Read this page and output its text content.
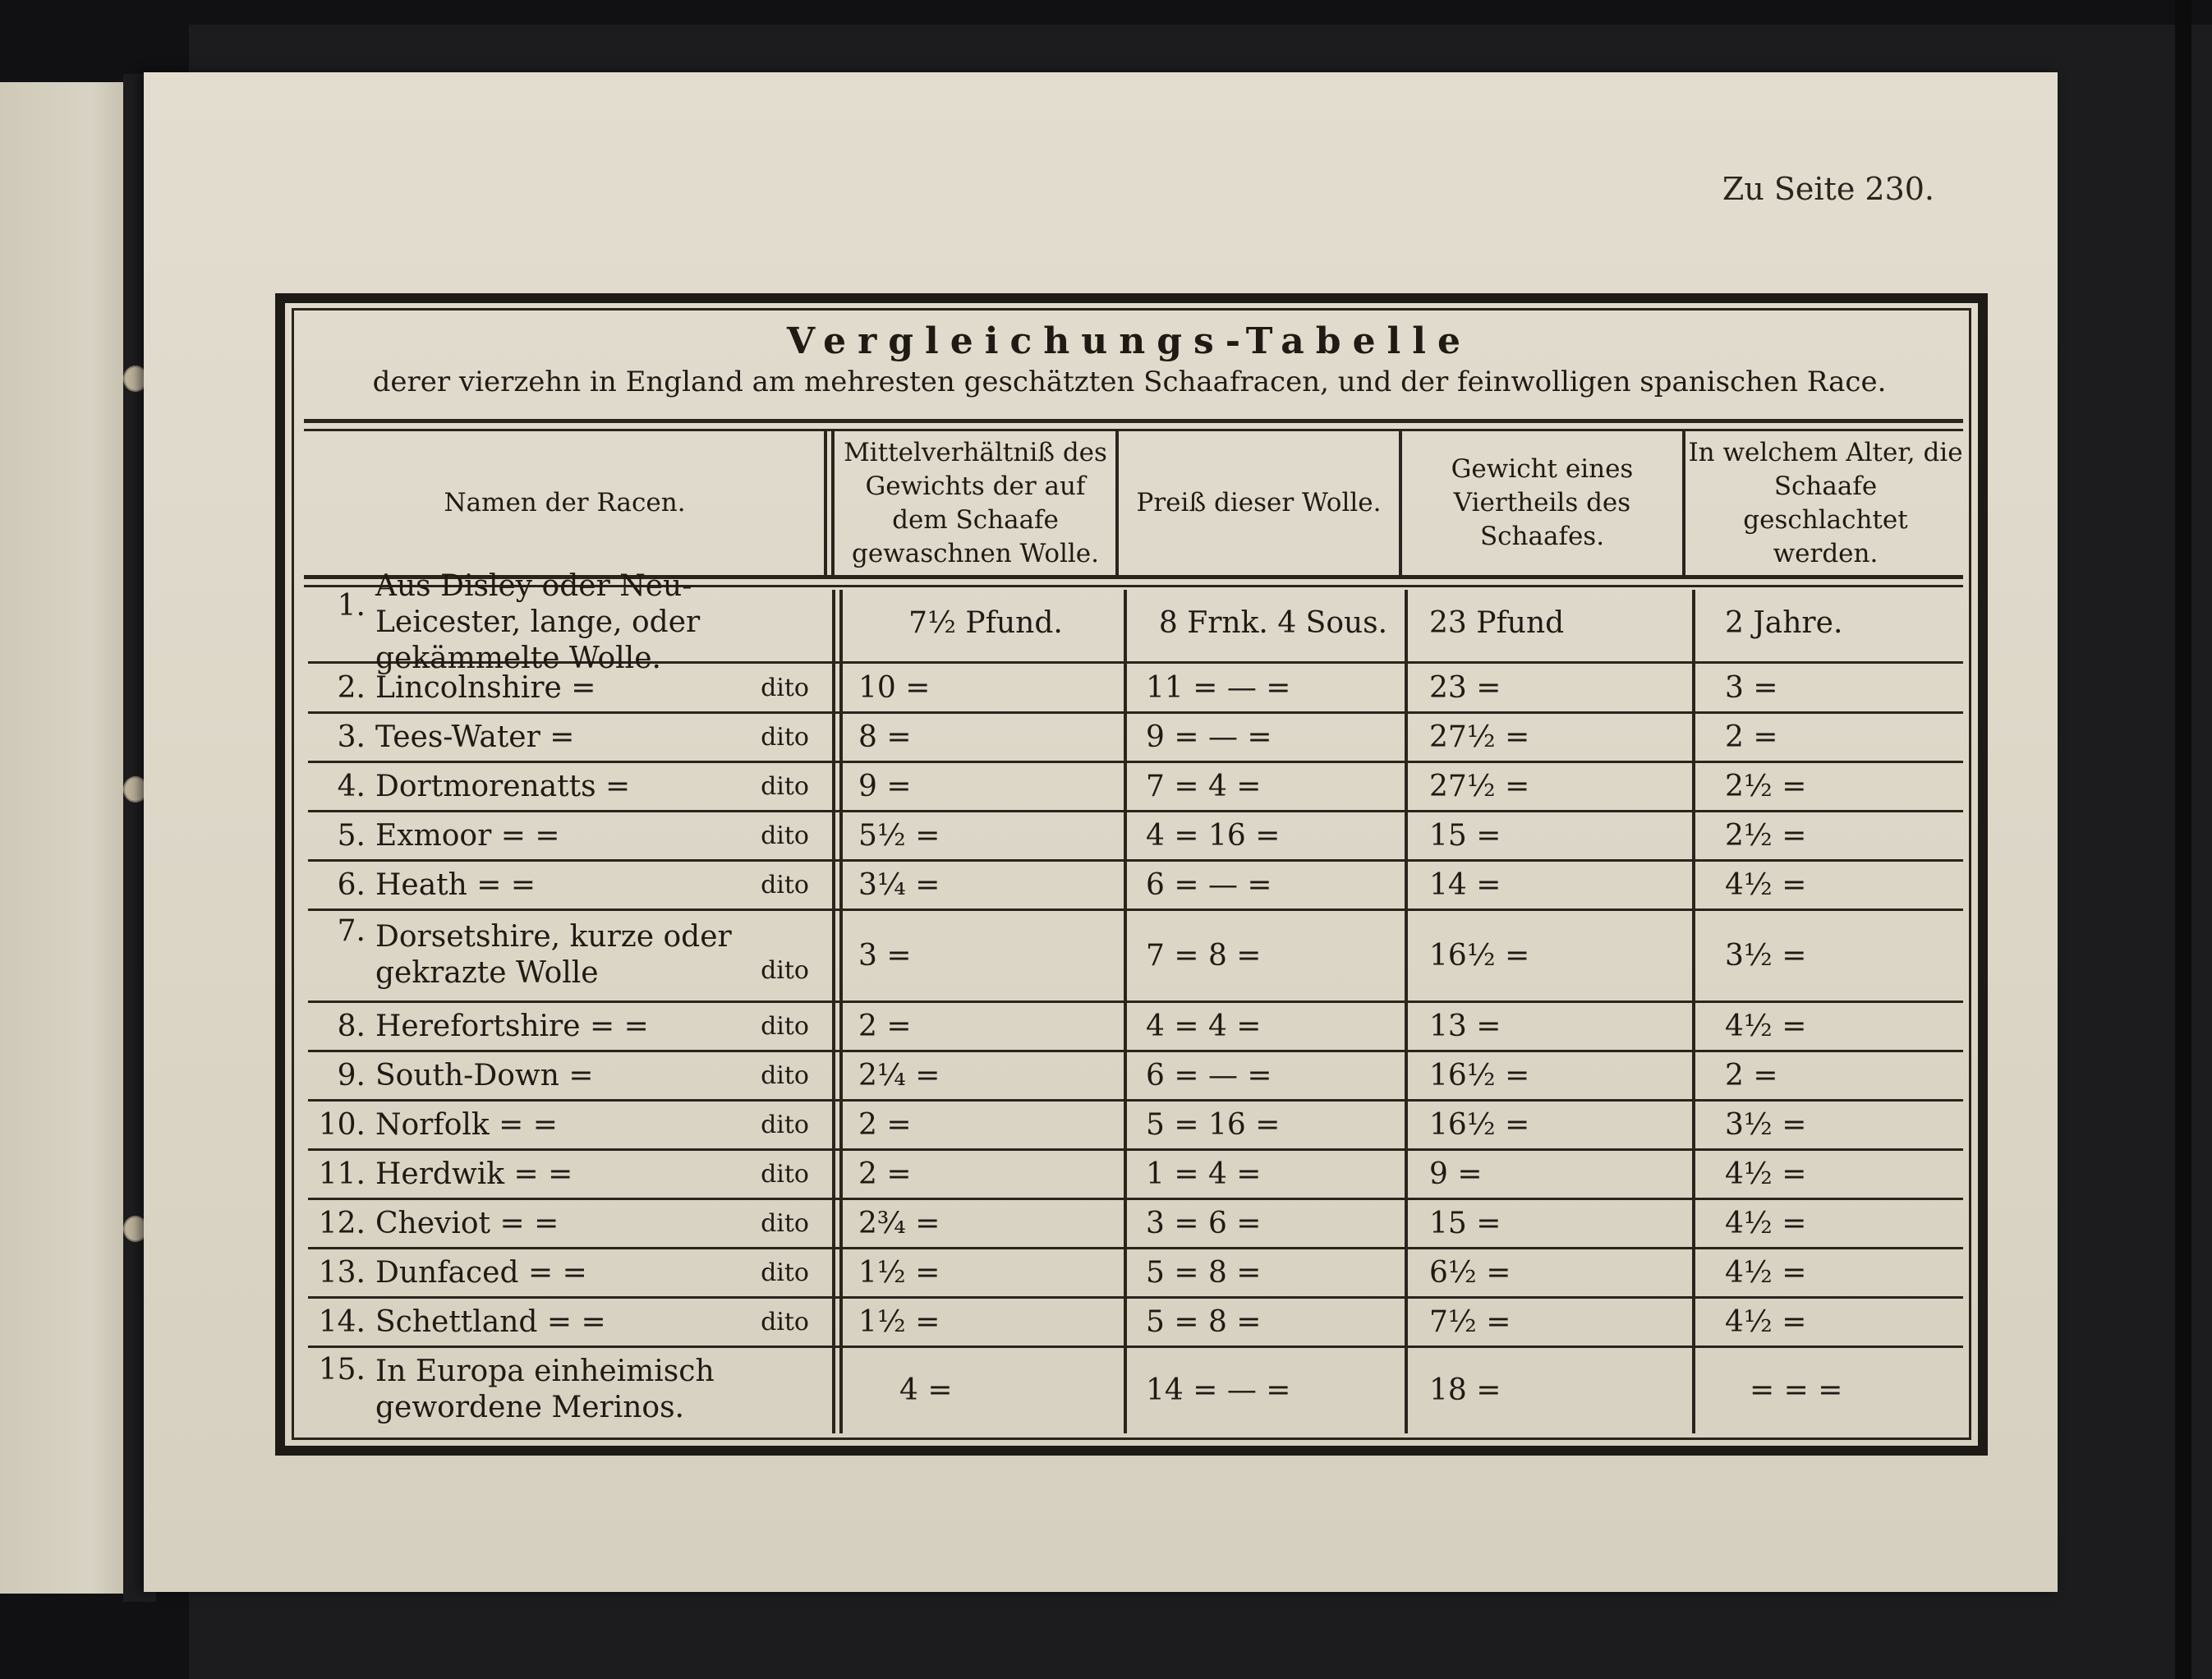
Zu Seite 230.
Vergleichungs-Tabelle
derer vierzehn in England am mehresten geschätzten Schaafracen, und der feinwolligen spanischen Race.
Namen der Racen.
Mittelverhältniß des Gewichts der auf dem Schaafe gewaschnen Wolle.
Preiß dieser Wolle.
Gewicht eines Viertheils des Schaafes.
In welchem Alter, die Schaafe geschlachtet werden.
1.
Aus Disley oder Neu-Leicester, lange, oder gekämmelte Wolle.
7½ Pfund.	8 Frnk. 4 Sous. 23 Pfund	2 Jahre.
2. Lincolnshire =	dito 10 =	11 = — =	23 =	3 =
3. Tees-Water =	dito 8 =	9 = — =	27½ =	2 =
4. Dortmorenatts =	dito 9 =	7 = 4 =	27½ =	2½ =
5. Exmoor = =	dito 5½ =	4 = 16 =	15 =	2½ =
6. Heath = =	dito 3¼ =	6 = — =	14 =	4½ =
7. Dorsetshire, kurze oder gekrazte Wolle	dito 3 =	7 = 8 =	16½ =	3½ =
8. Herefortshire = =	dito 2 =	4 = 4 =	13 =	4½ =
9. South-Down =	dito 2¼ =	6 = — =	16½ =	2 =
10. Norfolk = =	dito 2 =	5 = 16 =	16½ =	3½ =
11. Herdwik = =	dito 2 =	1 = 4 =	9 =	4½ =
12. Cheviot = =	dito 2¾ =	3 = 6 =	15 =	4½ =
13. Dunfaced = =	dito 1½ =	5 = 8 =	6½ =	4½ =
14. Schettland = =	dito 1½ =	5 = 8 =	7½ =	4½ =
15. In Europa einheimisch gewordene Merinos.
4 =	14 = — =	18 =	= = =
